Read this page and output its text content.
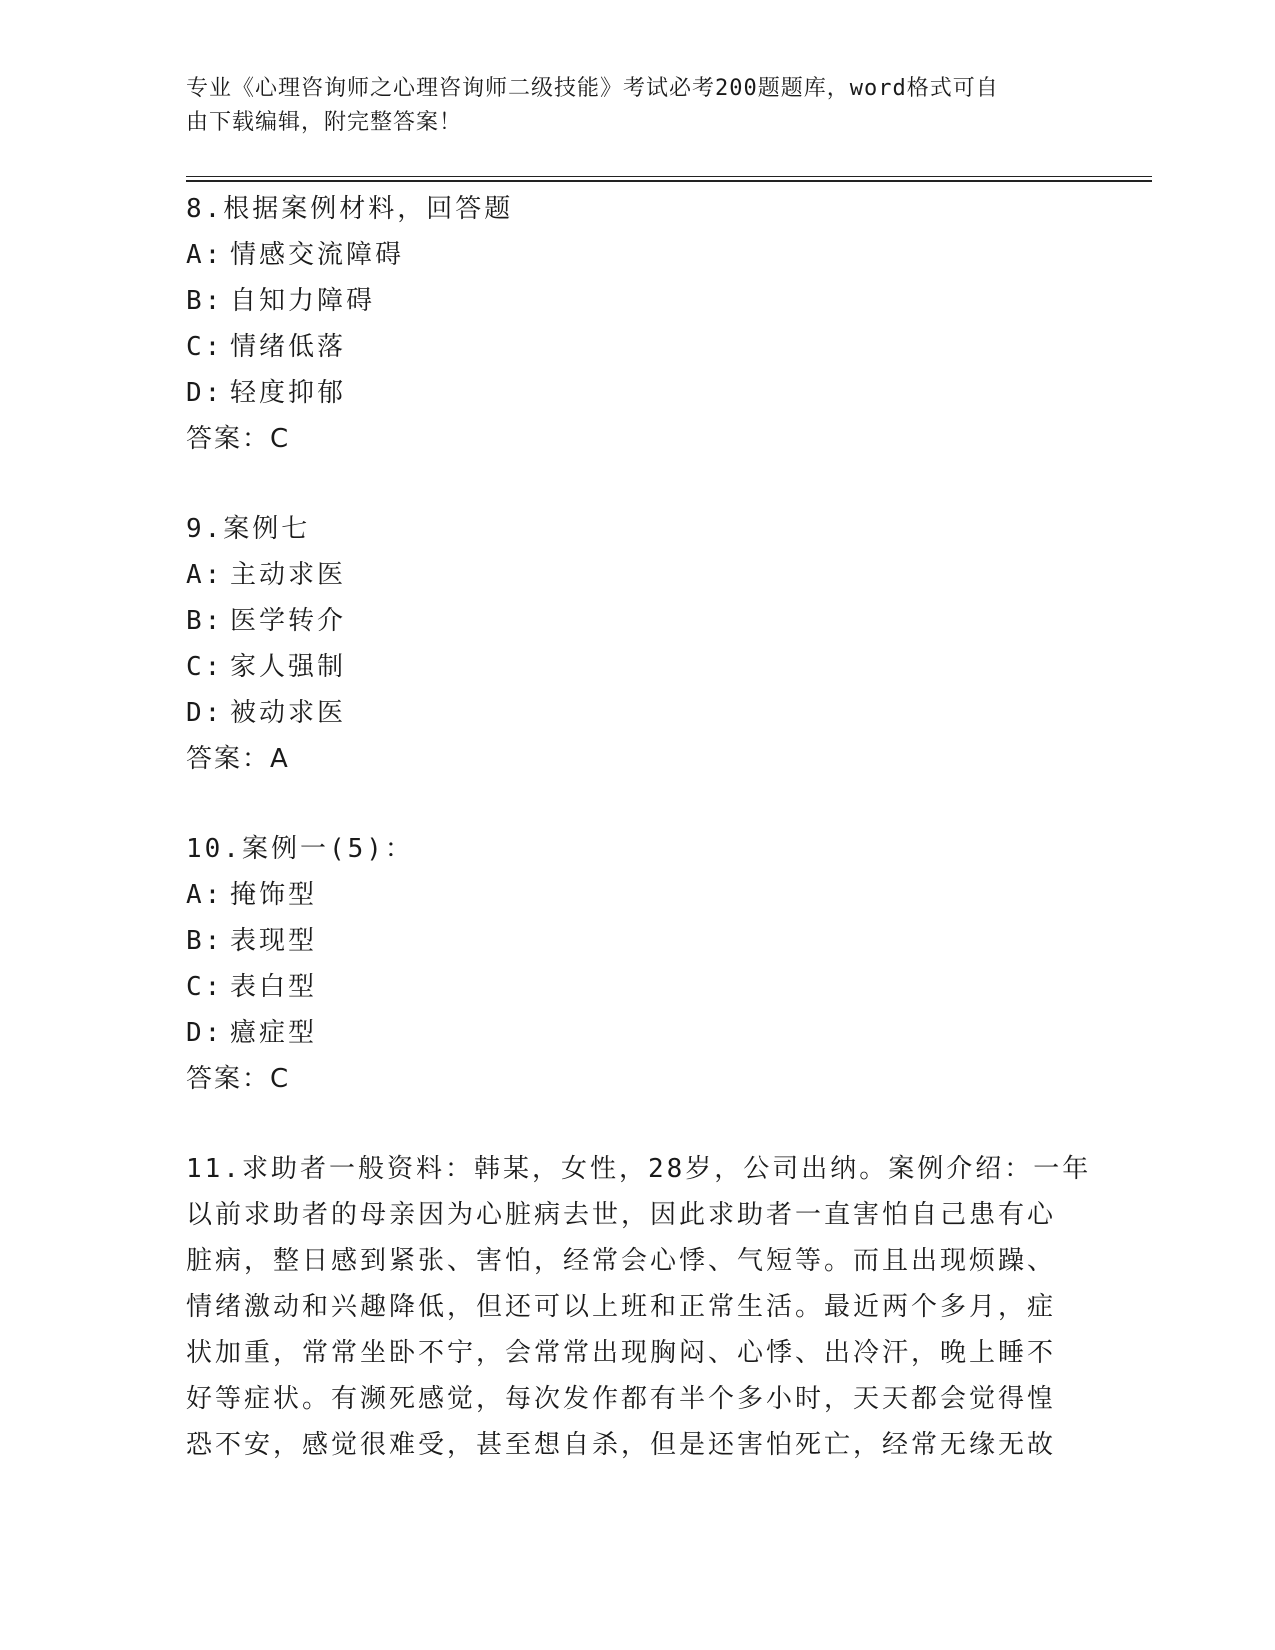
专业《心理咨询师之心理咨询师二级技能》考试必考200题题库，word格式可自
由下载编辑，附完整答案！
8.根据案例材料，回答题
A: 情感交流障碍
B: 自知力障碍
C: 情绪低落
D: 轻度抑郁
答案：C
9.案例七
A: 主动求医
B: 医学转介
C: 家人强制
D: 被动求医
答案：A
10.案例一(5)：
A: 掩饰型
B: 表现型
C: 表白型
D: 癔症型
答案：C
11.求助者一般资料：韩某，女性，28岁，公司出纳。案例介绍：一年
以前求助者的母亲因为心脏病去世，因此求助者一直害怕自己患有心
脏病，整日感到紧张、害怕，经常会心悸、气短等。而且出现烦躁、
情绪激动和兴趣降低，但还可以上班和正常生活。最近两个多月，症
状加重，常常坐卧不宁，会常常出现胸闷、心悸、出冷汗，晚上睡不
好等症状。有濒死感觉，每次发作都有半个多小时，天天都会觉得惶
恐不安，感觉很难受，甚至想自杀，但是还害怕死亡，经常无缘无故
